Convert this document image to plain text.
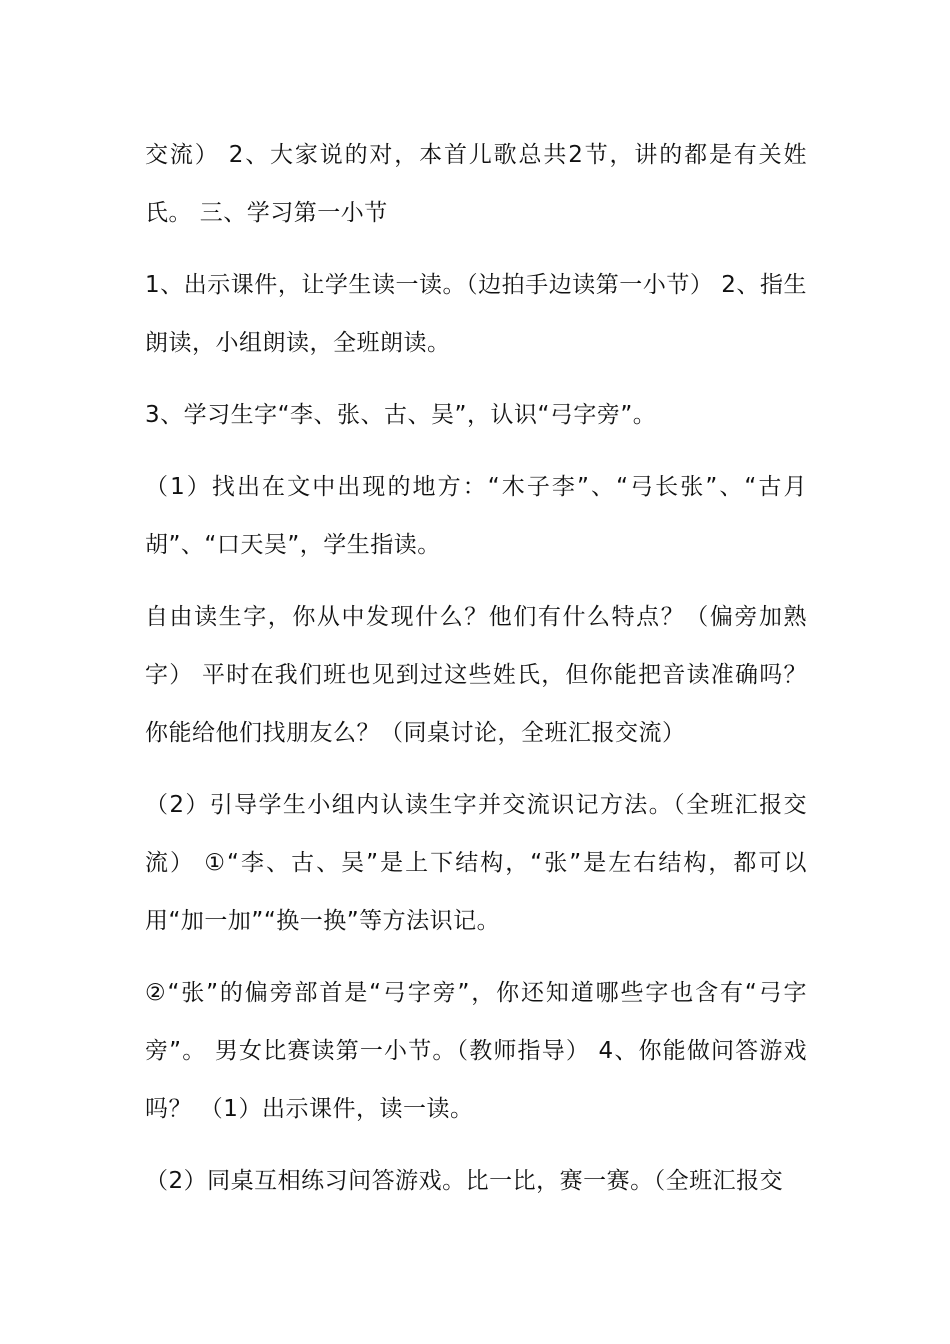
交流） 2、大家说的对，本首儿歌总共2节，讲的都是有关姓氏。 三、学习第一小节

1、出示课件，让学生读一读。（边拍手边读第一小节） 2、指生朗读，小组朗读，全班朗读。

3、学习生字“李、张、古、吴”，认识“弓字旁”。

（1）找出在文中出现的地方：“木子李”、“弓长张”、“古月胡”、“口天吴”，学生指读。

自由读生字，你从中发现什么？他们有什么特点？（偏旁加熟字） 平时在我们班也见到过这些姓氏，但你能把音读准确吗？你能给他们找朋友么？（同桌讨论，全班汇报交流）

（2）引导学生小组内认读生字并交流识记方法。（全班汇报交流） ①“李、古、吴”是上下结构，“张”是左右结构，都可以用“加一加”“换一换”等方法识记。

②“张”的偏旁部首是“弓字旁”，你还知道哪些字也含有“弓字旁”。 男女比赛读第一小节。（教师指导） 4、你能做问答游戏吗？ （1）出示课件，读一读。

（2）同桌互相练习问答游戏。比一比，赛一赛。（全班汇报交
